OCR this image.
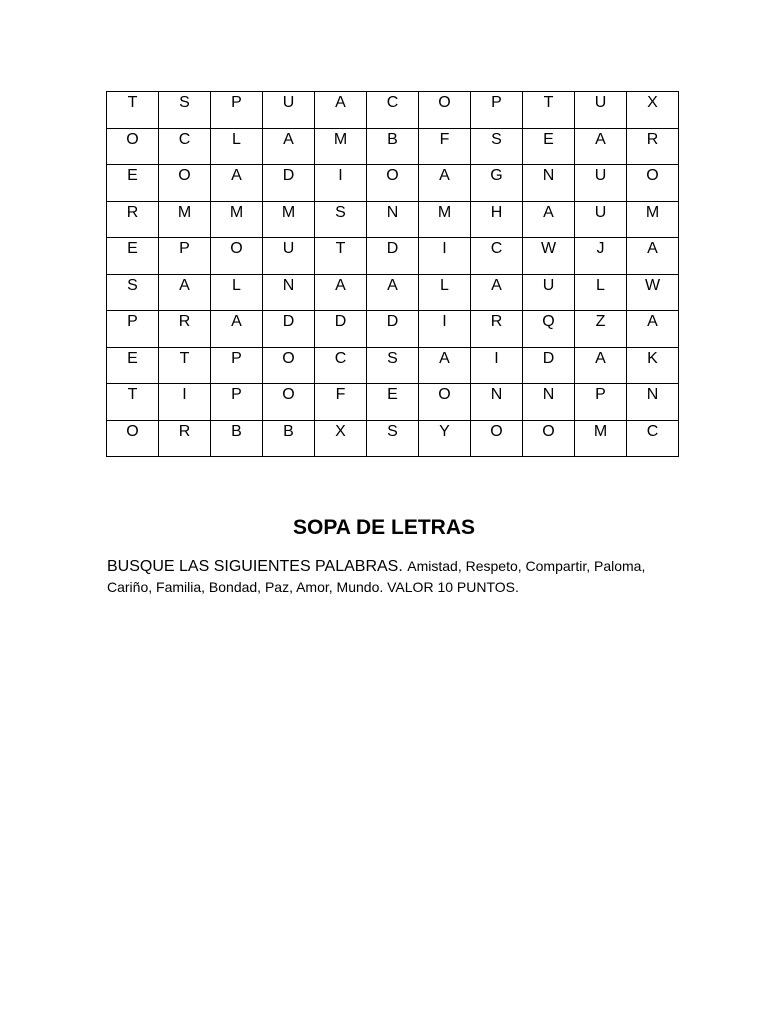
T	S	P	U	A	C	O	P	T	U	X
O	C	L	A	M	B	F	S	E	A	R
E	O	A	D	I	O	A	G	N	U	O
R	M	M	M	S	N	M	H	A	U	M
E	P	O	U	T	D	I	C	W	J	A
S	A	L	N	A	A	L	A	U	L	W
P	R	A	D	D	D	I	R	Q	Z	A
E	T	P	O	C	S	A	I	D	A	K
T	I	P	O	F	E	O	N	N	P	N
O	R	B	B	X	S	Y	O	O	M	C
SOPA DE LETRAS
BUSQUE LAS SIGUIENTES PALABRAS. Amistad, Respeto, Compartir, Paloma, Cariño, Familia, Bondad, Paz, Amor, Mundo. VALOR 10 PUNTOS.
